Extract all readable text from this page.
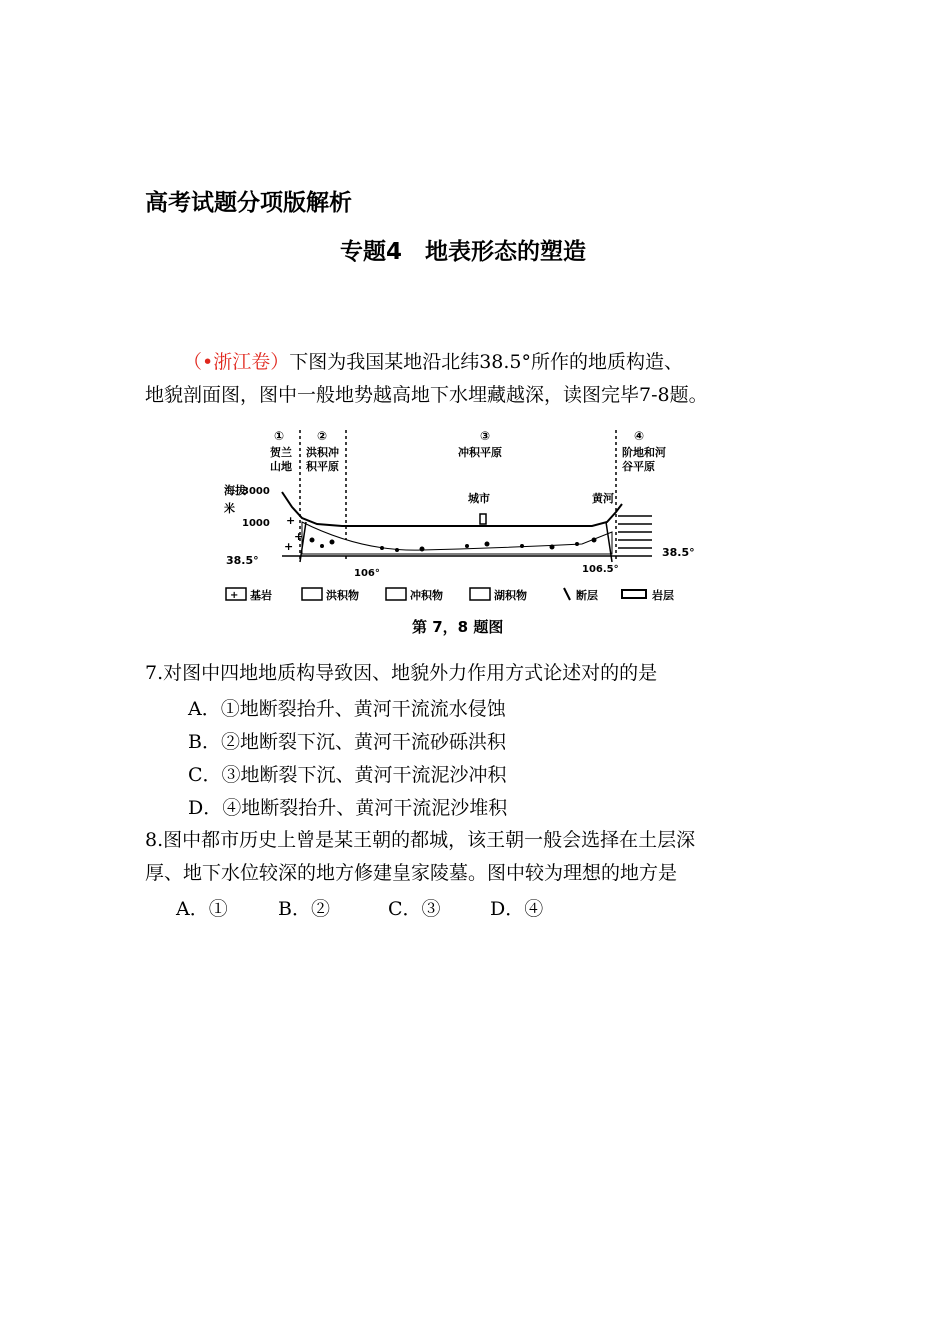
高考试题分项版解析
专题4　地表形态的塑造
（•浙江卷）下图为我国某地沿北纬38.5°所作的地质构造、
地貌剖面图，图中一般地势越高地下水埋藏越深，读图完毕7-8题。
①
贺兰
山地
②
洪积冲
积平原
③
冲积平原
④
阶地和河
谷平原
海拔
3000
米
1000
38.5°
38.5°
+
+
+
城市	黄河
106°	106.5°
+ 基岩	洪积物	冲积物	湖积物	断层	岩层
第 7，8 题图
7.对图中四地地质构导致因、地貌外力作用方式论述对的的是
A．①地断裂抬升、黄河干流流水侵蚀
B．②地断裂下沉、黄河干流砂砾洪积
C．③地断裂下沉、黄河干流泥沙冲积
D．④地断裂抬升、黄河干流泥沙堆积
8.图中都市历史上曾是某王朝的都城，该王朝一般会选择在土层深
厚、地下水位较深的地方修建皇家陵墓。图中较为理想的地方是
A．①	B．②	C．③	D．④
